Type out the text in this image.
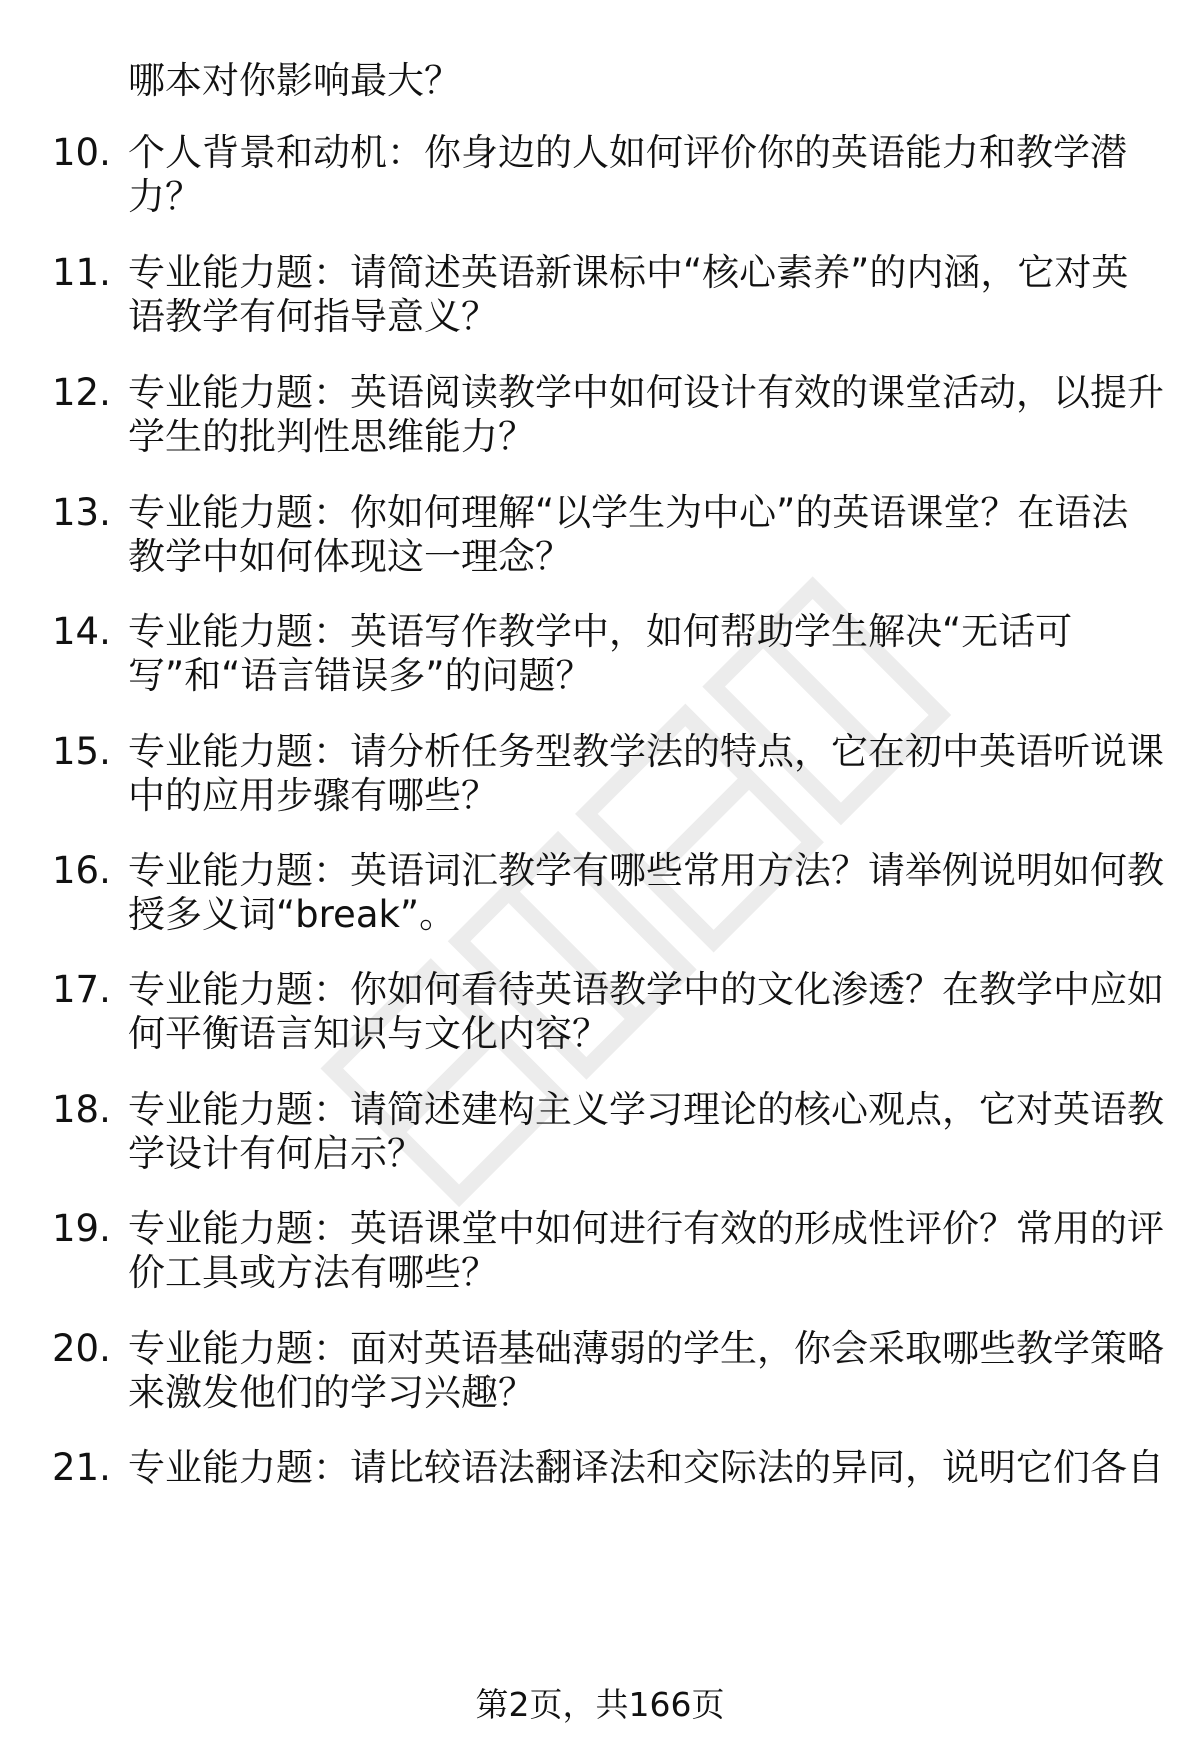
哪本对你影响最大？
10. 个人背景和动机：你身边的人如何评价你的英语能力和教学潜
力？
11. 专业能力题：请简述英语新课标中“核心素养”的内涵，它对英
语教学有何指导意义？
12. 专业能力题：英语阅读教学中如何设计有效的课堂活动，以提升
学生的批判性思维能力？
13. 专业能力题：你如何理解“以学生为中心”的英语课堂？在语法
教学中如何体现这一理念？
14. 专业能力题：英语写作教学中，如何帮助学生解决“无话可
写”和“语言错误多”的问题？
15. 专业能力题：请分析任务型教学法的特点，它在初中英语听说课
中的应用步骤有哪些？
16. 专业能力题：英语词汇教学有哪些常用方法？请举例说明如何教
授多义词“break”。
17. 专业能力题：你如何看待英语教学中的文化渗透？在教学中应如
何平衡语言知识与文化内容？
18. 专业能力题：请简述建构主义学习理论的核心观点，它对英语教
学设计有何启示？
19. 专业能力题：英语课堂中如何进行有效的形成性评价？常用的评
价工具或方法有哪些？
20. 专业能力题：面对英语基础薄弱的学生，你会采取哪些教学策略
来激发他们的学习兴趣？
21. 专业能力题：请比较语法翻译法和交际法的异同，说明它们各自
第2页，共166页
